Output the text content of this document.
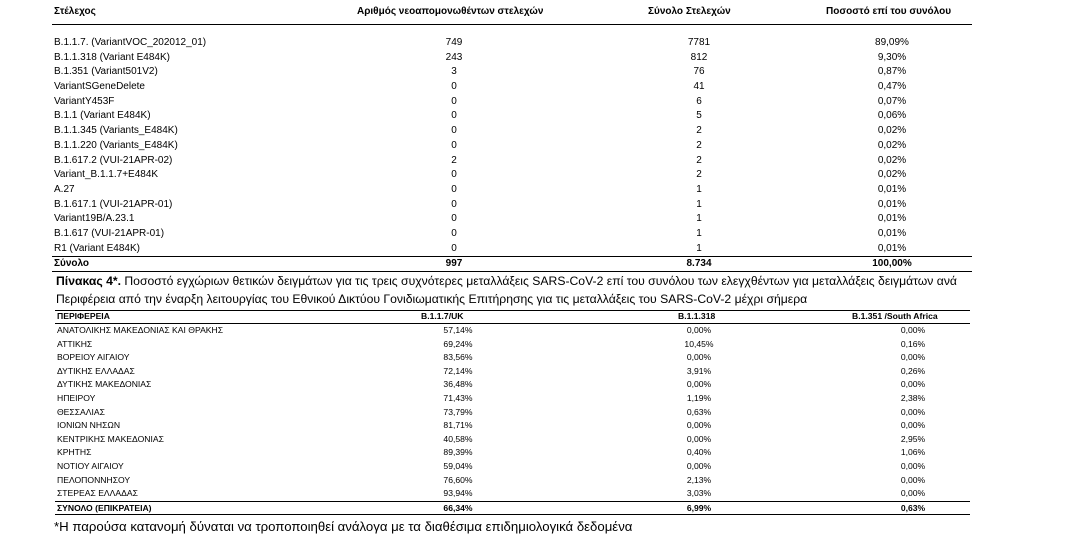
Στέλεχος	Αριθμός νεοαπομονωθέντων στελεχών	Σύνολο Στελεχών	Ποσοστό επί του συνόλου
B.1.1.7. (VariantVOC_202012_01)	749	7781	89,09%
B.1.1.318 (Variant E484K)	243	812	9,30%
B.1.351 (Variant501V2)	3	76	0,87%
VariantSGeneDelete	0	41	0,47%
VariantY453F	0	6	0,07%
B.1.1 (Variant E484K)	0	5	0,06%
B.1.1.345 (Variants_E484K)	0	2	0,02%
B.1.1.220 (Variants_E484K)	0	2	0,02%
B.1.617.2 (VUI-21APR-02)	2	2	0,02%
Variant_B.1.1.7+E484K	0	2	0,02%
A.27	0	1	0,01%
B.1.617.1 (VUI-21APR-01)	0	1	0,01%
Variant19B/A.23.1	0	1	0,01%
B.1.617 (VUI-21APR-01)	0	1	0,01%
R1 (Variant E484K)	0	1	0,01%
Σύνολο	997	8.734	100,00%
Πίνακας 4*. Ποσοστό εγχώριων θετικών δειγμάτων για τις τρεις συχνότερες μεταλλάξεις SARS-CoV-2 επί του συνόλου των ελεγχθέντων για μεταλλάξεις δειγμάτων ανά Περιφέρεια από την έναρξη λειτουργίας του Εθνικού Δικτύου Γονιδιωματικής Επιτήρησης για τις μεταλλάξεις του SARS-CoV-2 μέχρι σήμερα
ΠΕΡΙΦΕΡΕΙΑ	B.1.1.7/UK	B.1.1.318	B.1.351 /South Africa
ΑΝΑΤΟΛΙΚΗΣ ΜΑΚΕΔΟΝΙΑΣ ΚΑΙ ΘΡΑΚΗΣ	57,14%	0,00%	0,00%
ΑΤΤΙΚΗΣ	69,24%	10,45%	0,16%
ΒΟΡΕΙΟΥ ΑΙΓΑΙΟΥ	83,56%	0,00%	0,00%
ΔΥΤΙΚΗΣ ΕΛΛΑΔΑΣ	72,14%	3,91%	0,26%
ΔΥΤΙΚΗΣ ΜΑΚΕΔΟΝΙΑΣ	36,48%	0,00%	0,00%
ΗΠΕΙΡΟΥ	71,43%	1,19%	2,38%
ΘΕΣΣΑΛΙΑΣ	73,79%	0,63%	0,00%
ΙΟΝΙΩΝ ΝΗΣΩΝ	81,71%	0,00%	0,00%
ΚΕΝΤΡΙΚΗΣ ΜΑΚΕΔΟΝΙΑΣ	40,58%	0,00%	2,95%
ΚΡΗΤΗΣ	89,39%	0,40%	1,06%
ΝΟΤΙΟΥ ΑΙΓΑΙΟΥ	59,04%	0,00%	0,00%
ΠΕΛΟΠΟΝΝΗΣΟΥ	76,60%	2,13%	0,00%
ΣΤΕΡΕΑΣ ΕΛΛΑΔΑΣ	93,94%	3,03%	0,00%
ΣΥΝΟΛΟ (ΕΠΙΚΡΑΤΕΙΑ)	66,34%	6,99%	0,63%
*Η παρούσα κατανομή δύναται να τροποποιηθεί ανάλογα με τα διαθέσιμα επιδημιολογικά δεδομένα
